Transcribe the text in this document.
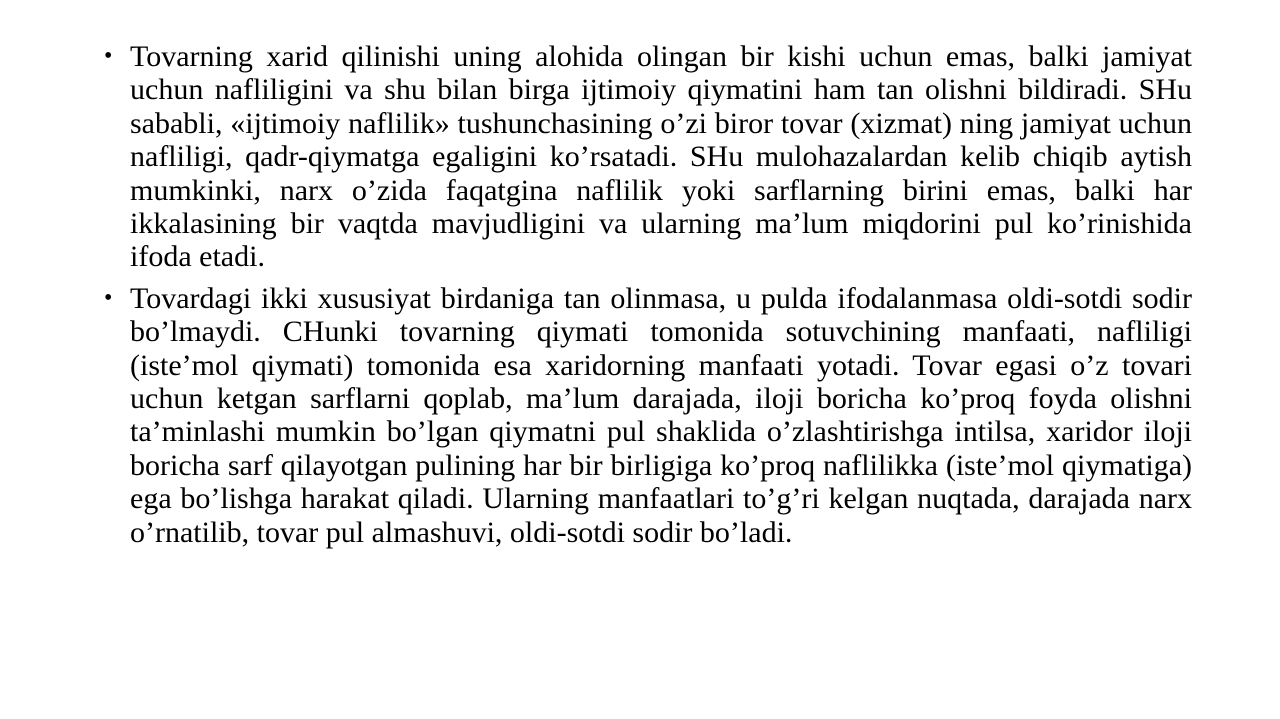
• Tovarning xarid qilinishi uning alohida olingan bir kishi uchun emas, balki jamiyat uchun nafliligini va shu bilan birga ijtimoiy qiymatini ham tan olishni bildiradi. SHu sababli, «ijtimoiy naflilik» tushunchasining o’zi biror tovar (xizmat) ning jamiyat uchun nafliligi, qadr-qiymatga egaligini ko’rsatadi. SHu mulohazalardan kelib chiqib aytish mumkinki, narx o’zida faqatgina naflilik yoki sarflarning birini emas, balki har ikkalasining bir vaqtda mavjudligini va ularning ma’lum miqdorini pul ko’rinishida ifoda etadi.
• Tovardagi ikki xususiyat birdaniga tan olinmasa, u pulda ifodalanmasa oldi-sotdi sodir bo’lmaydi. CHunki tovarning qiymati tomonida sotuvchining manfaati, nafliligi (iste’mol qiymati) tomonida esa xaridorning manfaati yotadi. Tovar egasi o’z tovari uchun ketgan sarflarni qoplab, ma’lum darajada, iloji boricha ko’proq foyda olishni ta’minlashi mumkin bo’lgan qiymatni pul shaklida o’zlashtirishga intilsa, xaridor iloji boricha sarf qilayotgan pulining har bir birligiga ko’proq naflilikka (iste’mol qiymatiga) ega bo’lishga harakat qiladi. Ularning manfaatlari to’g’ri kelgan nuqtada, darajada narx o’rnatilib, tovar pul almashuvi, oldi-sotdi sodir bo’ladi.
